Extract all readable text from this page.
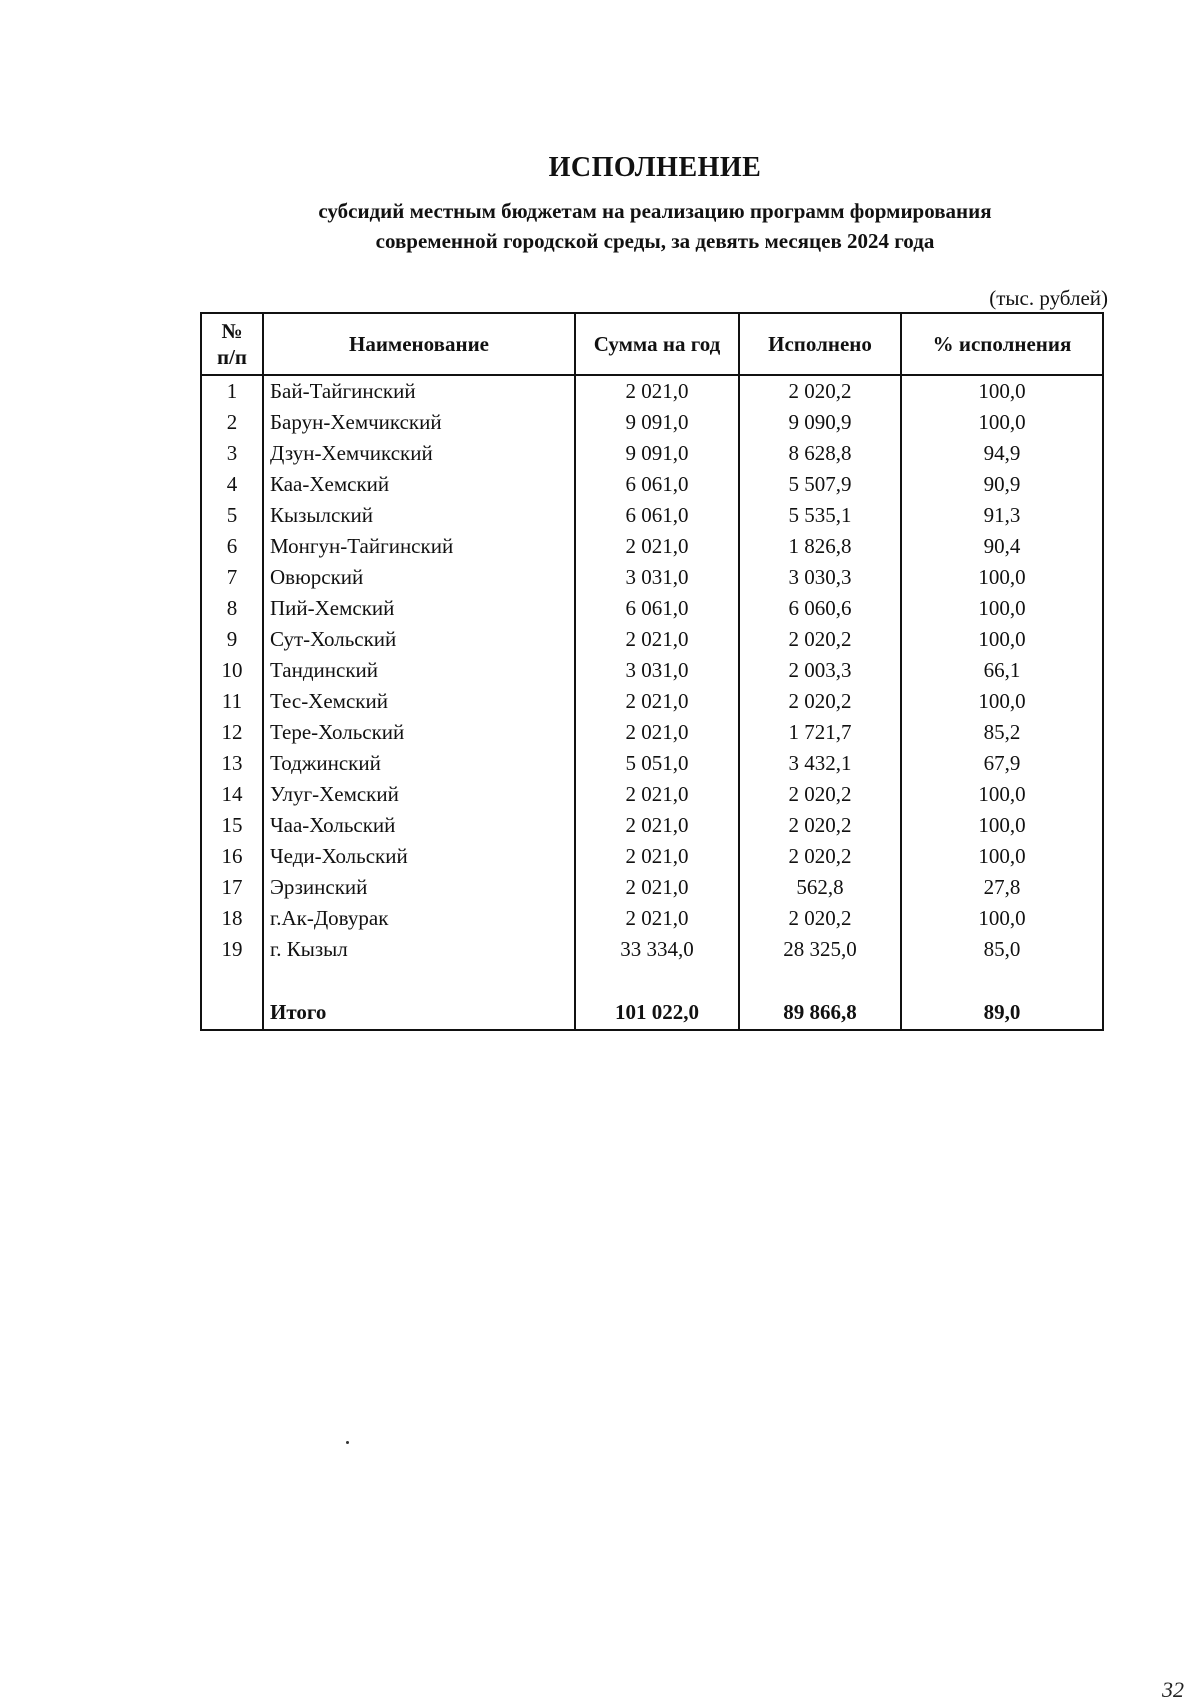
ИСПОЛНЕНИЕ
субсидий местным бюджетам на реализацию программ формирования
современной городской среды, за девять месяцев 2024 года
(тыс. рублей)
№
п/п	Наименование	Сумма на год	Исполнено	% исполнения
1	Бай-Тайгинский	2 021,0	2 020,2	100,0
2	Барун-Хемчикский	9 091,0	9 090,9	100,0
3	Дзун-Хемчикский	9 091,0	8 628,8	94,9
4	Каа-Хемский	6 061,0	5 507,9	90,9
5	Кызылский	6 061,0	5 535,1	91,3
6	Монгун-Тайгинский	2 021,0	1 826,8	90,4
7	Овюрский	3 031,0	3 030,3	100,0
8	Пий-Хемский	6 061,0	6 060,6	100,0
9	Сут-Хольский	2 021,0	2 020,2	100,0
10	Тандинский	3 031,0	2 003,3	66,1
11	Тес-Хемский	2 021,0	2 020,2	100,0
12	Тере-Хольский	2 021,0	1 721,7	85,2
13	Тоджинский	5 051,0	3 432,1	67,9
14	Улуг-Хемский	2 021,0	2 020,2	100,0
15	Чаа-Хольский	2 021,0	2 020,2	100,0
16	Чеди-Хольский	2 021,0	2 020,2	100,0
17	Эрзинский	2 021,0	562,8	27,8
18	г.Ак-Довурак	2 021,0	2 020,2	100,0
19	г. Кызыл	33 334,0	28 325,0	85,0

	Итого	101 022,0	89 866,8	89,0
32
